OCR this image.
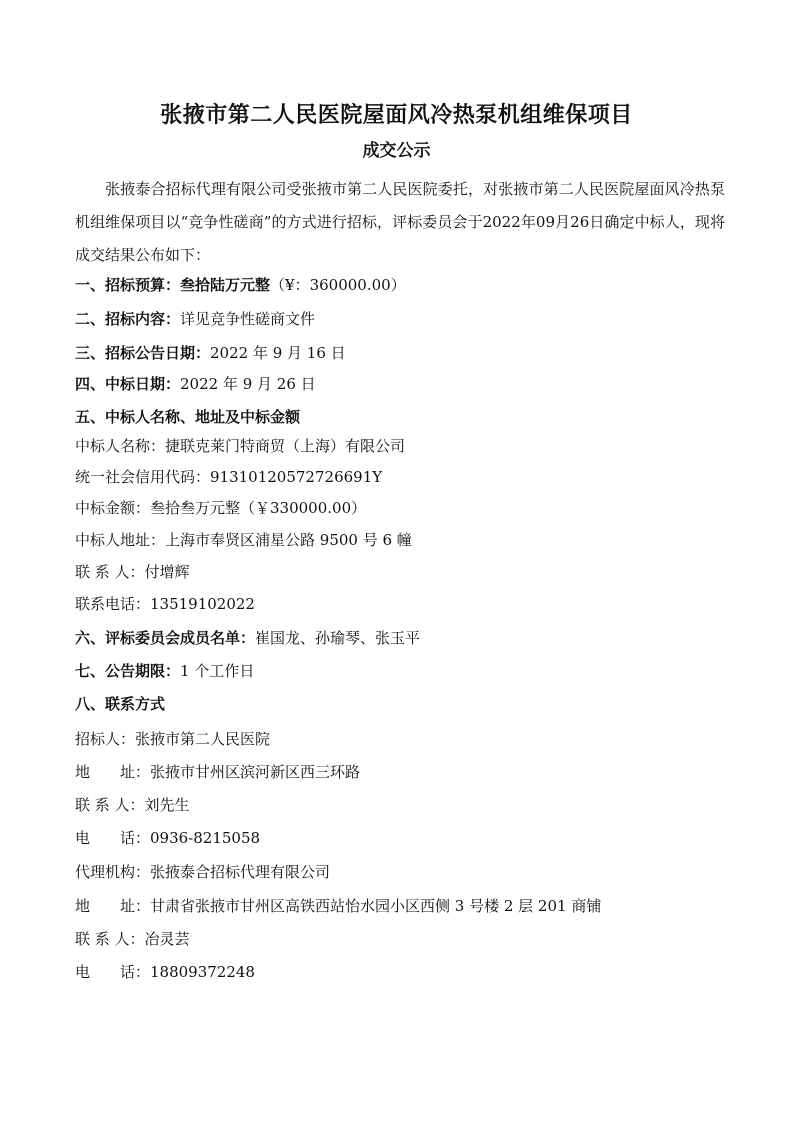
张掖市第二人民医院屋面风冷热泵机组维保项目
成交公示

张掖泰合招标代理有限公司受张掖市第二人民医院委托，对张掖市第二人民医院屋面风冷热泵机组维保项目以“竞争性磋商”的方式进行招标，评标委员会于2022年09月26日确定中标人，现将成交结果公布如下：

一、招标预算：叁拾陆万元整（¥：360000.00）

二、招标内容：详见竞争性磋商文件

三、招标公告日期：2022 年 9 月 16 日

四、中标日期：2022 年 9 月 26 日

五、中标人名称、地址及中标金额

中标人名称：捷联克莱门特商贸（上海）有限公司

统一社会信用代码：91310120572726691Y

中标金额：叁拾叁万元整（￥330000.00）

中标人地址：上海市奉贤区浦星公路 9500 号 6 幢

联 系 人：付增辉

联系电话：13519102022

六、评标委员会成员名单：崔国龙、孙瑜琴、张玉平

七、公告期限：1 个工作日

八、联系方式

招标人：张掖市第二人民医院

地　　址：张掖市甘州区滨河新区西三环路

联 系 人：刘先生

电　　话：0936-8215058

代理机构：张掖泰合招标代理有限公司

地　　址：甘肃省张掖市甘州区高铁西站怡水园小区西侧 3 号楼 2 层 201 商铺

联 系 人：冶灵芸

电　　话：18809372248
